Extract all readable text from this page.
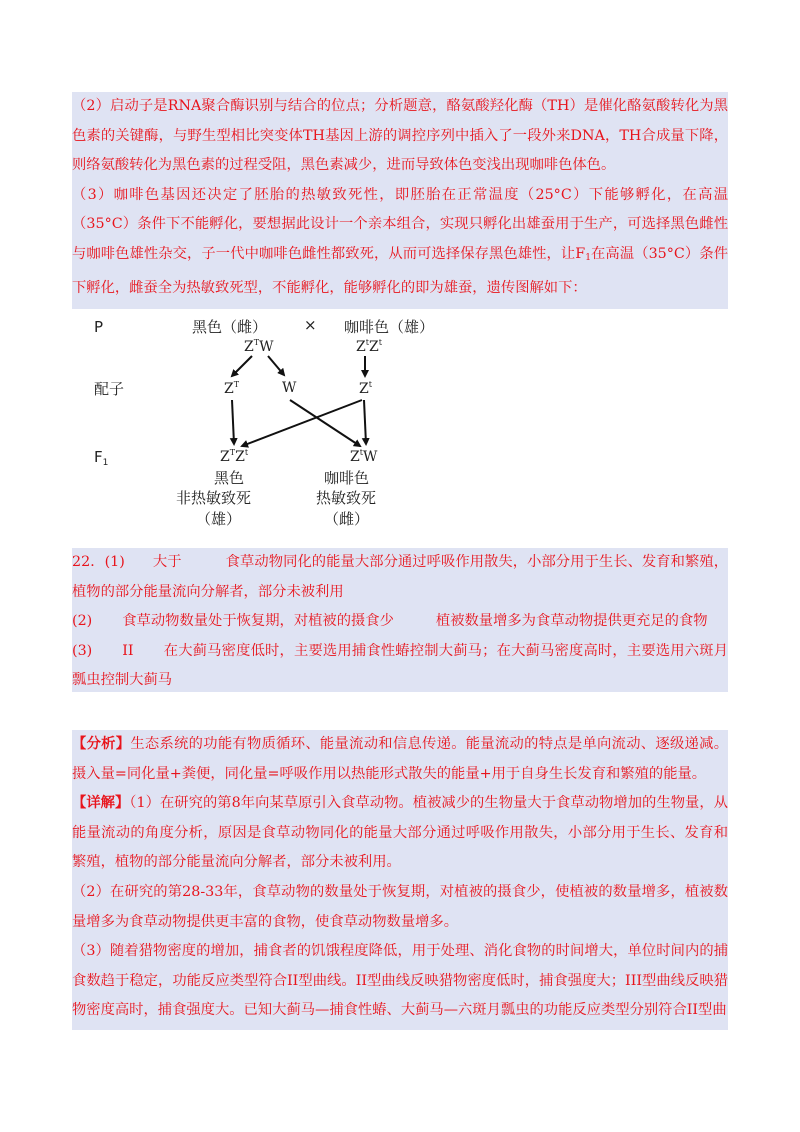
（2）启动子是RNA聚合酶识别与结合的位点；分析题意，酪氨酸羟化酶（TH）是催化酪氨酸转化为黑色素的关键酶，与野生型相比突变体TH基因上游的调控序列中插入了一段外来DNA，TH合成量下降，则络氨酸转化为黑色素的过程受阻，黑色素减少，进而导致体色变浅出现咖啡色体色。

（3）咖啡色基因还决定了胚胎的热敏致死性，即胚胎在正常温度（25°C）下能够孵化，在高温（35°C）条件下不能孵化，要想据此设计一个亲本组合，实现只孵化出雄蚕用于生产，可选择黑色雌性与咖啡色雄性杂交，子一代中咖啡色雌性都致死，从而可选择保存黑色雄性，让$F_1$在高温（35°C）条件下孵化，雌蚕全为热敏致死型，不能孵化，能够孵化的即为雄蚕，遗传图解如下：

P
配子
$F_1$
黑色（雌） × 咖啡色（雄）
$Z^TW$	$Z^tZ^t$
$Z^T$	W	$Z^t$
$Z^TZ^t$
黑色
非热敏致死
（雄）
$Z^tW$
咖啡色
热敏致死
（雌）

22．(1) 大于	食草动物同化的能量大部分通过呼吸作用散失，小部分用于生长、发育和繁殖，植物的部分能量流向分解者，部分未被利用

(2) 食草动物数量处于恢复期，对植被的摄食少	植被数量增多为食草动物提供更充足的食物

(3) II 在大蓟马密度低时，主要选用捕食性蝽控制大蓟马；在大蓟马密度高时，主要选用六斑月瓢虫控制大蓟马

【分析】生态系统的功能有物质循环、能量流动和信息传递。能量流动的特点是单向流动、逐级递减。摄入量=同化量+粪便，同化量=呼吸作用以热能形式散失的能量+用于自身生长发育和繁殖的能量。

【详解】（1）在研究的第8年向某草原引入食草动物。植被减少的生物量大于食草动物增加的生物量，从能量流动的角度分析，原因是食草动物同化的能量大部分通过呼吸作用散失，小部分用于生长、发育和繁殖，植物的部分能量流向分解者，部分未被利用。

（2）在研究的第28-33年，食草动物的数量处于恢复期，对植被的摄食少，使植被的数量增多，植被数量增多为食草动物提供更丰富的食物，使食草动物数量增多。

（3）随着猎物密度的增加，捕食者的饥饿程度降低，用于处理、消化食物的时间增大，单位时间内的捕食数趋于稳定，功能反应类型符合II型曲线。II型曲线反映猎物密度低时，捕食强度大；III型曲线反映猎物密度高时，捕食强度大。已知大蓟马—捕食性蝽、大蓟马—六斑月瓢虫的功能反应类型分别符合II型曲
